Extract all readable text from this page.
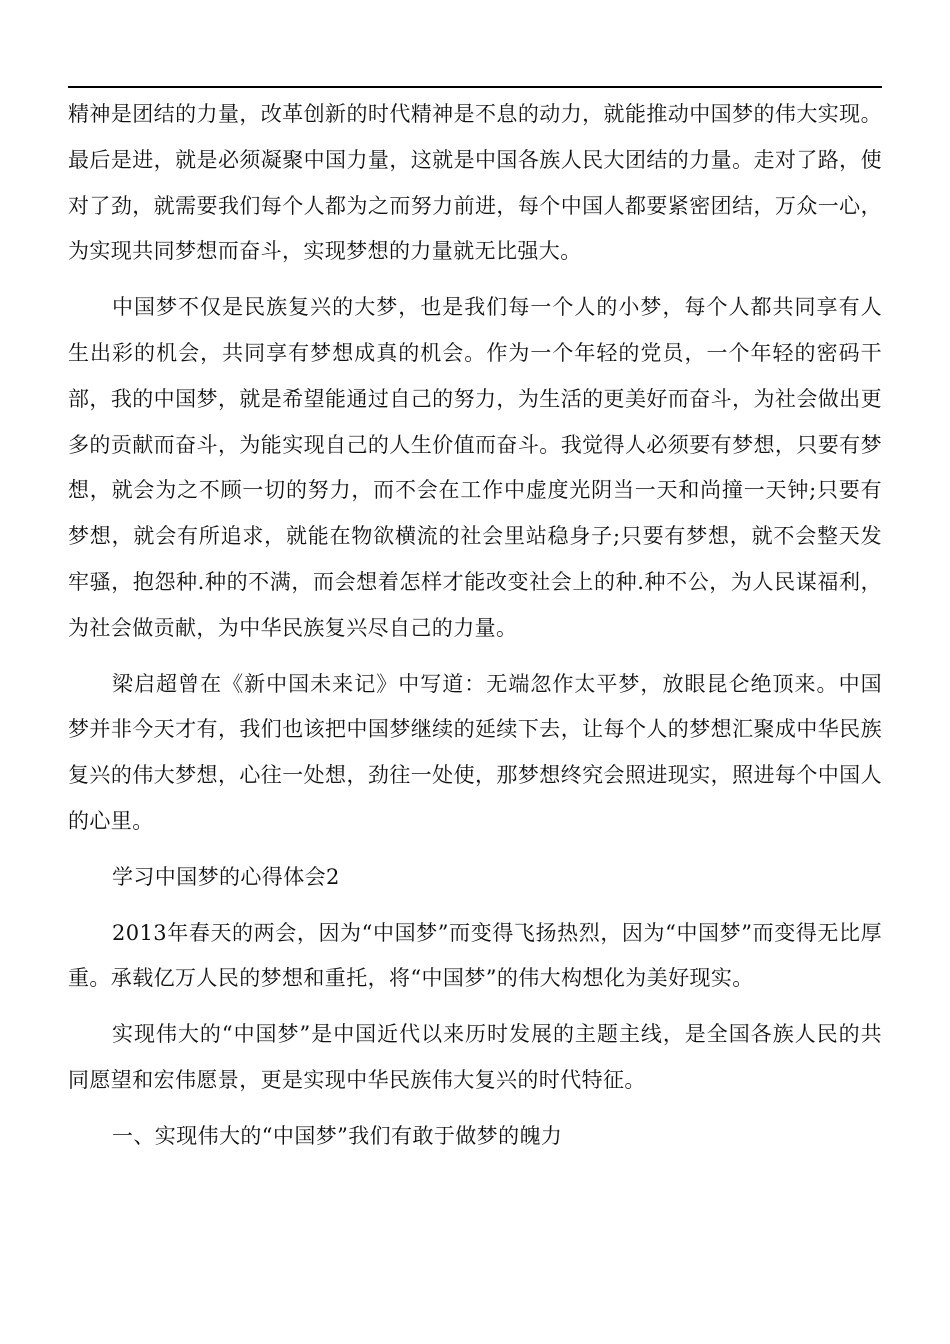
精神是团结的力量，改革创新的时代精神是不息的动力，就能推动中国梦的伟大实现。最后是进，就是必须凝聚中国力量，这就是中国各族人民大团结的力量。走对了路，使对了劲，就需要我们每个人都为之而努力前进，每个中国人都要紧密团结，万众一心，为实现共同梦想而奋斗，实现梦想的力量就无比强大。

中国梦不仅是民族复兴的大梦，也是我们每一个人的小梦，每个人都共同享有人生出彩的机会，共同享有梦想成真的机会。作为一个年轻的党员，一个年轻的密码干部，我的中国梦，就是希望能通过自己的努力，为生活的更美好而奋斗，为社会做出更多的贡献而奋斗，为能实现自己的人生价值而奋斗。我觉得人必须要有梦想，只要有梦想，就会为之不顾一切的努力，而不会在工作中虚度光阴当一天和尚撞一天钟;只要有梦想，就会有所追求，就能在物欲横流的社会里站稳身子;只要有梦想，就不会整天发牢骚，抱怨种.种的不满，而会想着怎样才能改变社会上的种.种不公，为人民谋福利，为社会做贡献，为中华民族复兴尽自己的力量。

梁启超曾在《新中国未来记》中写道：无端忽作太平梦，放眼昆仑绝顶来。中国梦并非今天才有，我们也该把中国梦继续的延续下去，让每个人的梦想汇聚成中华民族复兴的伟大梦想，心往一处想，劲往一处使，那梦想终究会照进现实，照进每个中国人的心里。

学习中国梦的心得体会2

2013年春天的两会，因为“中国梦”而变得飞扬热烈，因为“中国梦”而变得无比厚重。承载亿万人民的梦想和重托，将“中国梦”的伟大构想化为美好现实。

实现伟大的“中国梦”是中国近代以来历时发展的主题主线，是全国各族人民的共同愿望和宏伟愿景，更是实现中华民族伟大复兴的时代特征。

一、实现伟大的“中国梦”我们有敢于做梦的魄力
